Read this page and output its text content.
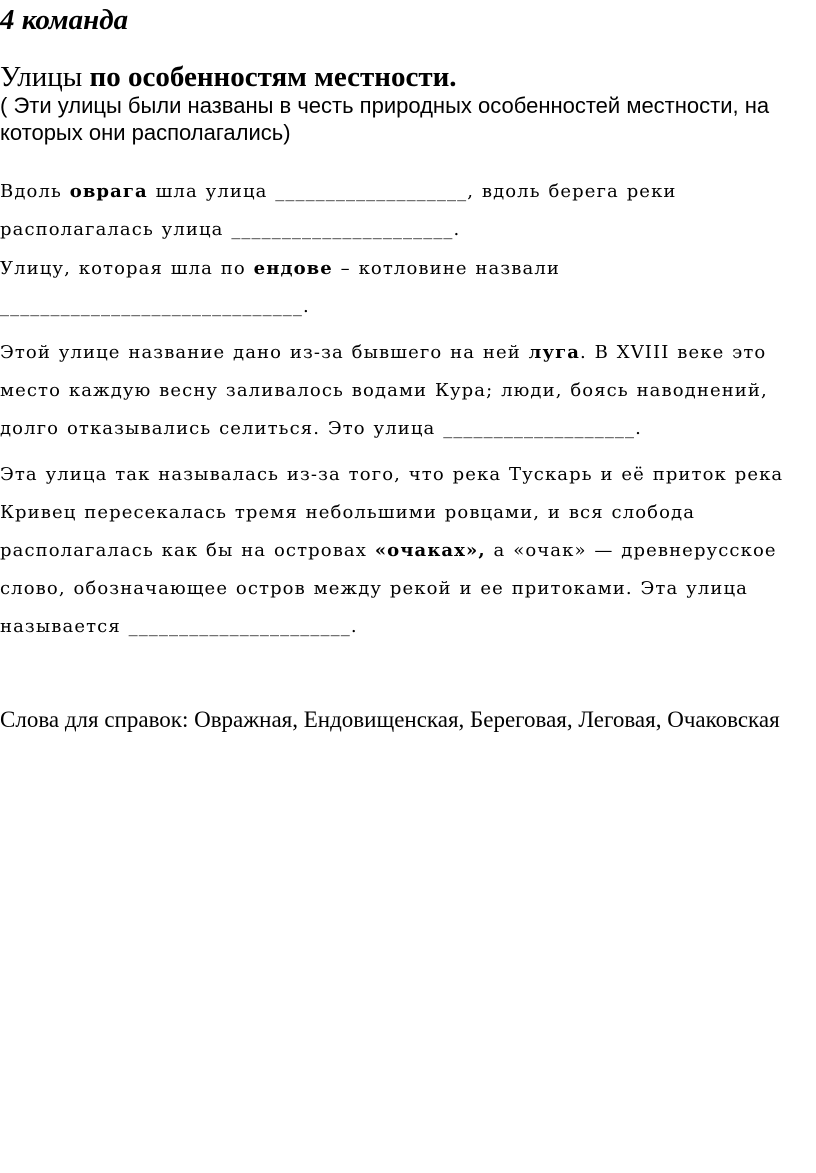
4 команда
Улицы по особенностям местности.
( Эти улицы были названы в честь природных особенностей местности, на которых они располагались)
Вдоль оврага шла улица ___________________, вдоль берега реки располагалась улица ______________________.
Улицу, которая шла по ендове – котловине назвали ______________________________.
Этой улице название дано из-за бывшего на ней луга. В XVIII веке это место каждую весну заливалось водами Кура; люди, боясь наводнений, долго отказывались селиться. Это улица ___________________.
Эта улица так называлась из-за того, что река Тускарь и её приток река Кривец пересекалась тремя небольшими ровцами, и вся слобода располагалась как бы на островах «очаках», а «очак» — древнерусское слово, обозначающее остров между рекой и ее притоками. Эта улица называется ______________________.
Слова для справок: Овражная, Ендовищенская, Береговая, Леговая, Очаковская
